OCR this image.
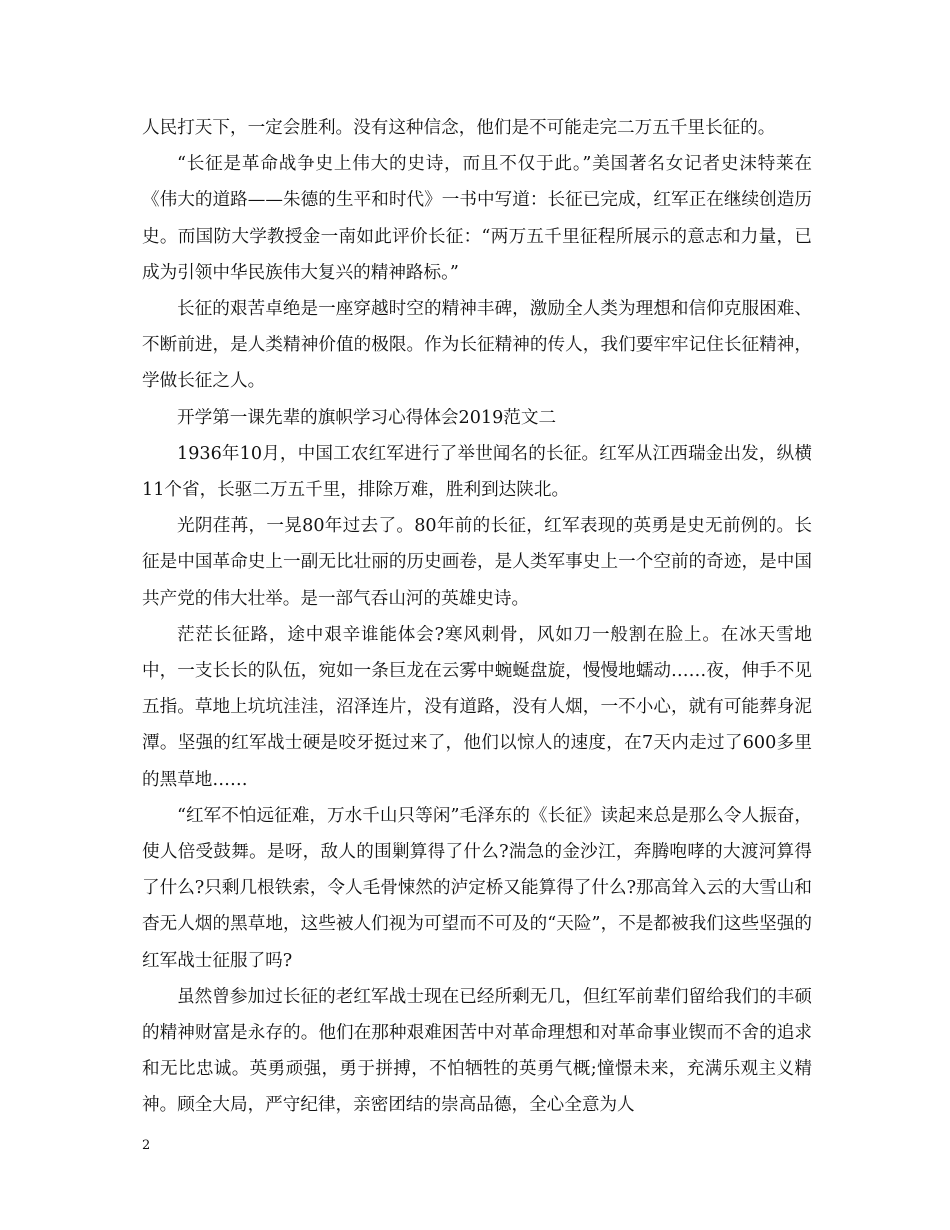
人民打天下，一定会胜利。没有这种信念，他们是不可能走完二万五千里长征的。

“长征是革命战争史上伟大的史诗，而且不仅于此。”美国著名女记者史沫特莱在《伟大的道路——朱德的生平和时代》一书中写道：长征已完成，红军正在继续创造历史。而国防大学教授金一南如此评价长征：“两万五千里征程所展示的意志和力量，已成为引领中华民族伟大复兴的精神路标。”

长征的艰苦卓绝是一座穿越时空的精神丰碑，激励全人类为理想和信仰克服困难、不断前进，是人类精神价值的极限。作为长征精神的传人，我们要牢牢记住长征精神，学做长征之人。

开学第一课先辈的旗帜学习心得体会2019范文二

1936年10月，中国工农红军进行了举世闻名的长征。红军从江西瑞金出发，纵横11个省，长驱二万五千里，排除万难，胜利到达陕北。

光阴荏苒，一晃80年过去了。80年前的长征，红军表现的英勇是史无前例的。长征是中国革命史上一副无比壮丽的历史画卷，是人类军事史上一个空前的奇迹，是中国共产党的伟大壮举。是一部气吞山河的英雄史诗。

茫茫长征路，途中艰辛谁能体会?寒风刺骨，风如刀一般割在脸上。在冰天雪地中，一支长长的队伍，宛如一条巨龙在云雾中蜿蜒盘旋，慢慢地蠕动……夜，伸手不见五指。草地上坑坑洼洼，沼泽连片，没有道路，没有人烟，一不小心，就有可能葬身泥潭。坚强的红军战士硬是咬牙挺过来了，他们以惊人的速度，在7天内走过了600多里的黑草地……

“红军不怕远征难，万水千山只等闲”毛泽东的《长征》读起来总是那么令人振奋，使人倍受鼓舞。是呀，敌人的围剿算得了什么?湍急的金沙江，奔腾咆哮的大渡河算得了什么?只剩几根铁索，令人毛骨悚然的泸定桥又能算得了什么?那高耸入云的大雪山和杳无人烟的黑草地，这些被人们视为可望而不可及的“天险”，不是都被我们这些坚强的红军战士征服了吗?

虽然曾参加过长征的老红军战士现在已经所剩无几，但红军前辈们留给我们的丰硕的精神财富是永存的。他们在那种艰难困苦中对革命理想和对革命事业锲而不舍的追求和无比忠诚。英勇顽强，勇于拼搏，不怕牺牲的英勇气概;憧憬未来，充满乐观主义精神。顾全大局，严守纪律，亲密团结的崇高品德，全心全意为人

2
